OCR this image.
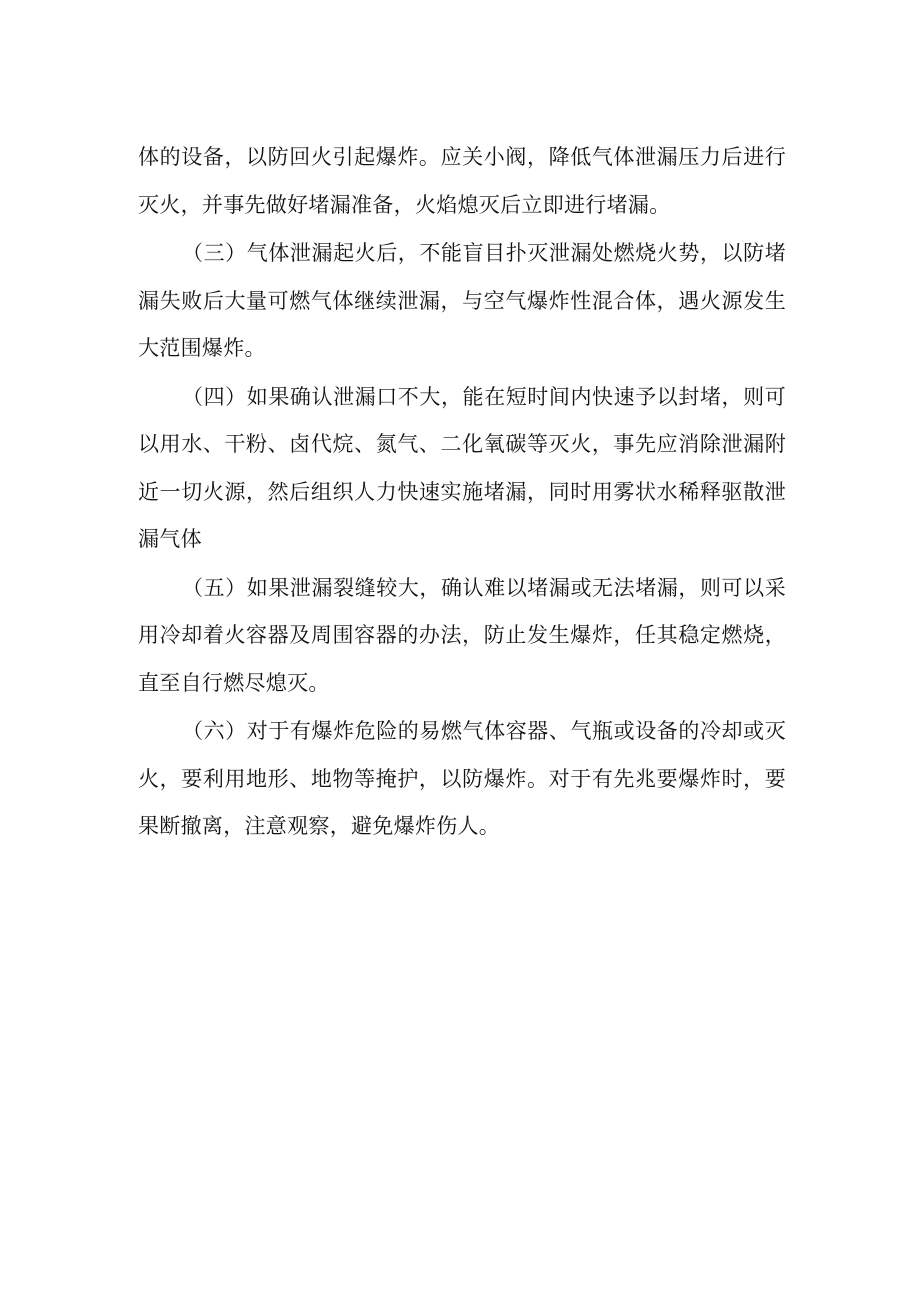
体的设备，以防回火引起爆炸。应关小阀，降低气体泄漏压力后进行灭火，并事先做好堵漏准备，火焰熄灭后立即进行堵漏。

（三）气体泄漏起火后，不能盲目扑灭泄漏处燃烧火势，以防堵漏失败后大量可燃气体继续泄漏，与空气爆炸性混合体，遇火源发生大范围爆炸。

（四）如果确认泄漏口不大，能在短时间内快速予以封堵，则可以用水、干粉、卤代烷、氮气、二化氧碳等灭火，事先应消除泄漏附近一切火源，然后组织人力快速实施堵漏，同时用雾状水稀释驱散泄漏气体

（五）如果泄漏裂缝较大，确认难以堵漏或无法堵漏，则可以采用冷却着火容器及周围容器的办法，防止发生爆炸，任其稳定燃烧，直至自行燃尽熄灭。

（六）对于有爆炸危险的易燃气体容器、气瓶或设备的冷却或灭火，要利用地形、地物等掩护，以防爆炸。对于有先兆要爆炸时，要果断撤离，注意观察，避免爆炸伤人。
